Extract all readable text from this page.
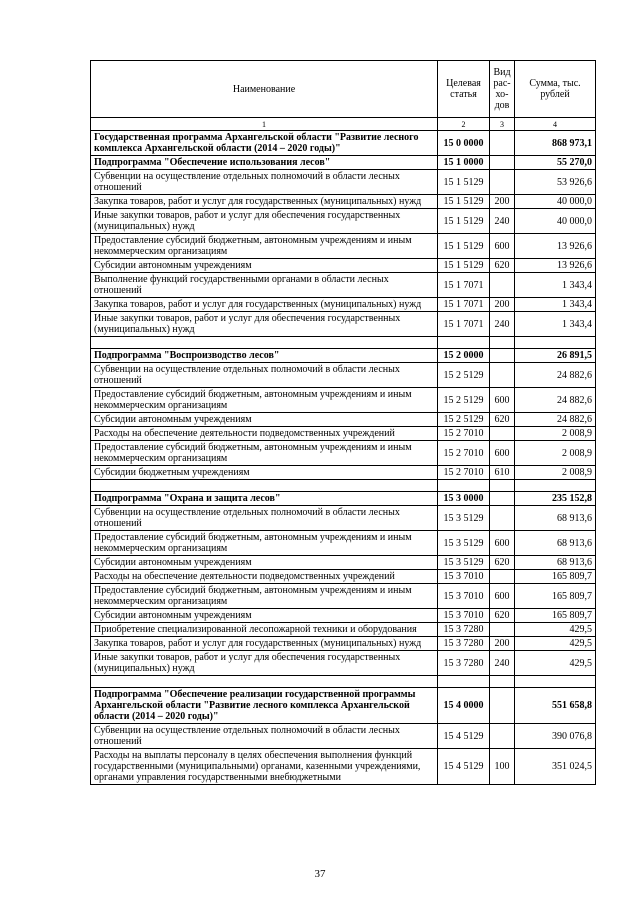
Наименование	Целевая статья	Вид рас-хо-дов	Сумма, тыс. рублей
1	2	3	4
Государственная программа Архангельской области "Развитие лесного комплекса Архангельской области (2014 – 2020 годы)"	15 0 0000		868 973,1
Подпрограмма "Обеспечение использования лесов"	15 1 0000		55 270,0
Субвенции на осуществление отдельных полномочий в области лесных отношений	15 1 5129		53 926,6
Закупка товаров, работ и услуг для государственных (муниципальных) нужд	15 1 5129	200	40 000,0
Иные закупки товаров, работ и услуг для обеспечения государственных (муниципальных) нужд	15 1 5129	240	40 000,0
Предоставление субсидий бюджетным, автономным учреждениям и иным некоммерческим организациям	15 1 5129	600	13 926,6
Субсидии автономным учреждениям	15 1 5129	620	13 926,6
Выполнение функций государственными органами в области лесных отношений	15 1 7071		1 343,4
Закупка товаров, работ и услуг для государственных (муниципальных) нужд	15 1 7071	200	1 343,4
Иные закупки товаров, работ и услуг для обеспечения государственных (муниципальных) нужд	15 1 7071	240	1 343,4

Подпрограмма "Воспроизводство лесов"	15 2 0000		26 891,5
Субвенции на осуществление отдельных полномочий в области лесных отношений	15 2 5129		24 882,6
Предоставление субсидий бюджетным, автономным учреждениям и иным некоммерческим организациям	15 2 5129	600	24 882,6
Субсидии автономным учреждениям	15 2 5129	620	24 882,6
Расходы на обеспечение деятельности подведомственных учреждений	15 2 7010		2 008,9
Предоставление субсидий бюджетным, автономным учреждениям и иным некоммерческим организациям	15 2 7010	600	2 008,9
Субсидии бюджетным учреждениям	15 2 7010	610	2 008,9

Подпрограмма "Охрана и защита лесов"	15 3 0000		235 152,8
Субвенции на осуществление отдельных полномочий в области лесных отношений	15 3 5129		68 913,6
Предоставление субсидий бюджетным, автономным учреждениям и иным некоммерческим организациям	15 3 5129	600	68 913,6
Субсидии автономным учреждениям	15 3 5129	620	68 913,6
Расходы на обеспечение деятельности подведомственных учреждений	15 3 7010		165 809,7
Предоставление субсидий бюджетным, автономным учреждениям и иным некоммерческим организациям	15 3 7010	600	165 809,7
Субсидии автономным учреждениям	15 3 7010	620	165 809,7
Приобретение специализированной лесопожарной техники и оборудования	15 3 7280		429,5
Закупка товаров, работ и услуг для государственных (муниципальных) нужд	15 3 7280	200	429,5
Иные закупки товаров, работ и услуг для обеспечения государственных (муниципальных) нужд	15 3 7280	240	429,5

Подпрограмма "Обеспечение реализации государственной программы Архангельской области "Развитие лесного комплекса Архангельской области (2014 – 2020 годы)"	15 4 0000		551 658,8
Субвенции на осуществление отдельных полномочий в области лесных отношений	15 4 5129		390 076,8
Расходы на выплаты персоналу в целях обеспечения выполнения функций государственными (муниципальными) органами, казенными учреждениями, органами управления государственными внебюджетными	15 4 5129	100	351 024,5
37
